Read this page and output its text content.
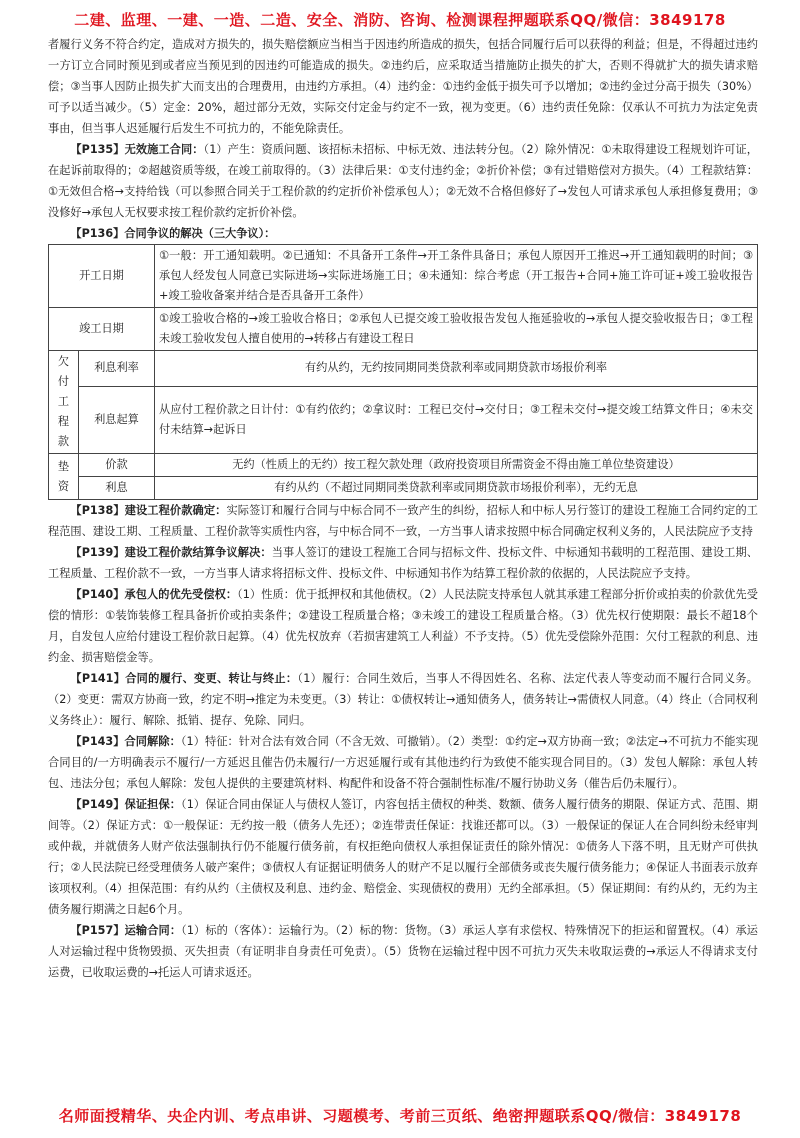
二建、监理、一建、一造、二造、安全、消防、咨询、检测课程押题联系QQ/微信：3849178

者履行义务不符合约定，造成对方损失的，损失赔偿额应当相当于因违约所造成的损失，包括合同履行后可以获得的利益；但是，不得超过违约一方订立合同时预见到或者应当预见到的因违约可能造成的损失。②违约后，应采取适当措施防止损失的扩大，否则不得就扩大的损失请求赔偿；③当事人因防止损失扩大而支出的合理费用，由违约方承担。（4）违约金：①违约金低于损失可予以增加；②违约金过分高于损失（30%）可予以适当减少。（5）定金：20%，超过部分无效，实际交付定金与约定不一致，视为变更。（6）违约责任免除：仅承认不可抗力为法定免责事由，但当事人迟延履行后发生不可抗力的，不能免除责任。

【P135】无效施工合同：（1）产生：资质问题、该招标未招标、中标无效、违法转分包。（2）除外情况：①未取得建设工程规划许可证，在起诉前取得的；②超越资质等级，在竣工前取得的。（3）法律后果：①支付违约金；②折价补偿；③有过错赔偿对方损失。（4）工程款结算：①无效但合格→支持给钱（可以参照合同关于工程价款的约定折价补偿承包人）；②无效不合格但修好了→发包人可请求承包人承担修复费用；③没修好→承包人无权要求按工程价款约定折价补偿。

【P136】合同争议的解决（三大争议）：

开工日期		①一般：开工通知载明。②已通知：不具备开工条件→开工条件具备日；承包人原因开工推迟→开工通知载明的时间；③承包人经发包人同意已实际进场→实际进场施工日；④未通知：综合考虑（开工报告+合同+施工许可证+竣工验收报告+竣工验收备案并结合是否具备开工条件）
竣工日期		①竣工验收合格的→竣工验收合格日；②承包人已提交竣工验收报告发包人拖延验收的→承包人提交验收报告日；③工程未竣工验收发包人擅自使用的→转移占有建设工程日
欠付工程款	利息利率	有约从约，无约按同期同类贷款利率或同期贷款市场报价利率
	利息起算	从应付工程价款之日计付：①有约依约；②拿议时：工程已交付→交付日；③工程未交付→提交竣工结算文件日；④未交付未结算→起诉日
垫资	价款	无约（性质上的无约）按工程欠款处理（政府投资项目所需资金不得由施工单位垫资建设）
	利息	有约从约（不超过同期同类贷款利率或同期贷款市场报价利率），无约无息

【P138】建设工程价款确定：实际签订和履行合同与中标合同不一致产生的纠纷，招标人和中标人另行签订的建设工程施工合同约定的工程范围、建设工期、工程质量、工程价款等实质性内容，与中标合同不一致，一方当事人请求按照中标合同确定权利义务的，人民法院应予支持

【P139】建设工程价款结算争议解决：当事人签订的建设工程施工合同与招标文件、投标文件、中标通知书载明的工程范围、建设工期、工程质量、工程价款不一致，一方当事人请求将招标文件、投标文件、中标通知书作为结算工程价款的依据的，人民法院应予支持。

【P140】承包人的优先受偿权：（1）性质：优于抵押权和其他债权。（2）人民法院支持承包人就其承建工程部分折价或拍卖的价款优先受偿的情形：①装饰装修工程具备折价或拍卖条件；②建设工程质量合格；③未竣工的建设工程质量合格。（3）优先权行使期限：最长不超18个月，自发包人应给付建设工程价款日起算。（4）优先权放弃（若损害建筑工人利益）不予支持。（5）优先受偿除外范围：欠付工程款的利息、违约金、损害赔偿金等。

【P141】合同的履行、变更、转让与终止：（1）履行：合同生效后，当事人不得因姓名、名称、法定代表人等变动而不履行合同义务。（2）变更：需双方协商一致，约定不明→推定为未变更。（3）转让：①债权转让→通知债务人，债务转让→需债权人同意。（4）终止（合同权利义务终止）：履行、解除、抵销、提存、免除、同归。

【P143】合同解除：（1）特征：针对合法有效合同（不含无效、可撤销）。（2）类型：①约定→双方协商一致；②法定→不可抗力不能实现合同目的/一方明确表示不履行/一方延迟且催告仍未履行/一方迟延履行或有其他违约行为致使不能实现合同目的。（3）发包人解除：承包人转包、违法分包；承包人解除：发包人提供的主要建筑材料、构配件和设备不符合强制性标准/不履行协助义务（催告后仍未履行）。

【P149】保证担保：（1）保证合同由保证人与债权人签订，内容包括主债权的种类、数额、债务人履行债务的期限、保证方式、范围、期间等。（2）保证方式：①一般保证：无约按一般（债务人先还）；②连带责任保证：找谁还都可以。（3）一般保证的保证人在合同纠纷未经审判或仲裁，并就债务人财产依法强制执行仍不能履行债务前，有权拒绝向债权人承担保证责任的除外情况：①债务人下落不明，且无财产可供执行；②人民法院已经受理债务人破产案件；③债权人有证据证明债务人的财产不足以履行全部债务或丧失履行债务能力；④保证人书面表示放弃该项权利。（4）担保范围：有约从约（主债权及利息、违约金、赔偿金、实现债权的费用）无约全部承担。（5）保证期间：有约从约，无约为主债务履行期满之日起6个月。

【P157】运输合同：（1）标的（客体）：运输行为。（2）标的物：货物。（3）承运人享有求偿权、特殊情况下的拒运和留置权。（4）承运人对运输过程中货物毁损、灭失担责（有证明非自身责任可免责）。（5）货物在运输过程中因不可抗力灭失未收取运费的→承运人不得请求支付运费，已收取运费的→托运人可请求返还。

名师面授精华、央企内训、考点串讲、习题模考、考前三页纸、绝密押题联系QQ/微信：3849178
